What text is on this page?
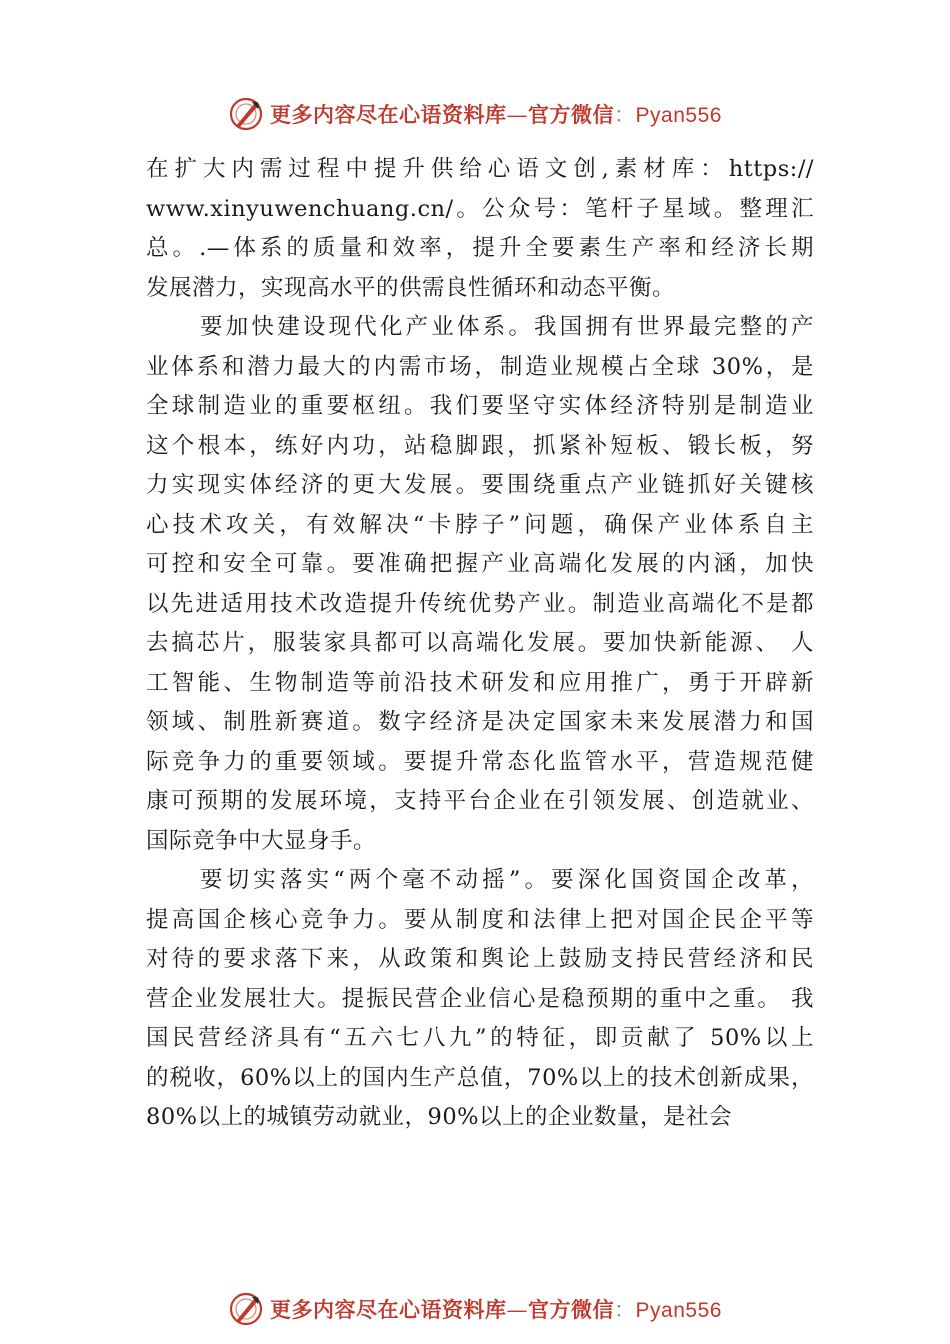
更多内容尽在心语资料库—官方微信：Pyan556
在扩大内需过程中提升供给心语文创,素材库：https://
www.xinyuwenchuang.cn/。公众号：笔杆子星域。整理汇
总。.—体系的质量和效率，提升全要素生产率和经济长期
发展潜力，实现高水平的供需良性循环和动态平衡。
要加快建设现代化产业体系。我国拥有世界最完整的产
业体系和潜力最大的内需市场，制造业规模占全球 30%，是
全球制造业的重要枢纽。我们要坚守实体经济特别是制造业
这个根本，练好内功，站稳脚跟，抓紧补短板、锻长板，努
力实现实体经济的更大发展。要围绕重点产业链抓好关键核
心技术攻关，有效解决“卡脖子”问题，确保产业体系自主
可控和安全可靠。要准确把握产业高端化发展的内涵，加快
以先进适用技术改造提升传统优势产业。制造业高端化不是都
去搞芯片，服装家具都可以高端化发展。要加快新能源、 人
工智能、生物制造等前沿技术研发和应用推广，勇于开辟新
领域、制胜新赛道。数字经济是决定国家未来发展潜力和国
际竞争力的重要领域。要提升常态化监管水平，营造规范健
康可预期的发展环境，支持平台企业在引领发展、创造就业、
国际竞争中大显身手。
要切实落实“两个毫不动摇”。要深化国资国企改革，
提高国企核心竞争力。要从制度和法律上把对国企民企平等
对待的要求落下来，从政策和舆论上鼓励支持民营经济和民
营企业发展壮大。提振民营企业信心是稳预期的重中之重。 我
国民营经济具有“五六七八九”的特征，即贡献了 50%以上
的税收，60%以上的国内生产总值，70%以上的技术创新成果，
80%以上的城镇劳动就业，90%以上的企业数量，是社会
更多内容尽在心语资料库—官方微信：Pyan556
